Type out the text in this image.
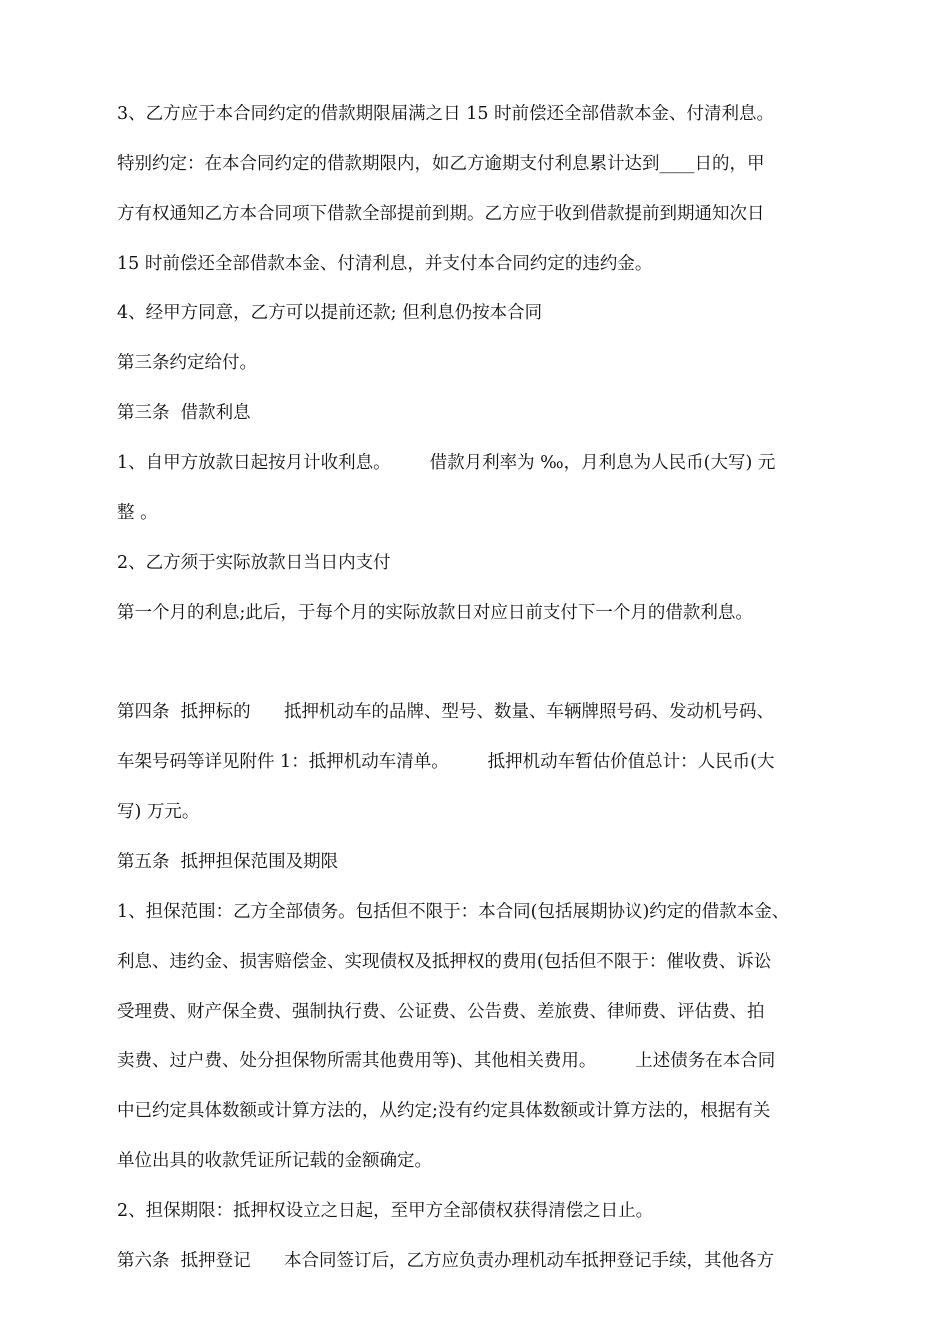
3、乙方应于本合同约定的借款期限届满之日 15 时前偿还全部借款本金、付清利息。
特别约定：在本合同约定的借款期限内，如乙方逾期支付利息累计达到____日的，甲
方有权通知乙方本合同项下借款全部提前到期。乙方应于收到借款提前到期通知次日
15 时前偿还全部借款本金、付清利息，并支付本合同约定的违约金。
4、经甲方同意，乙方可以提前还款; 但利息仍按本合同
第三条约定给付。
第三条  借款利息
1、自甲方放款日起按月计收利息。       借款月利率为 ‰，月利息为人民币(大写) 元
整 。
2、乙方须于实际放款日当日内支付
第一个月的利息;此后，于每个月的实际放款日对应日前支付下一个月的借款利息。
第四条  抵押标的      抵押机动车的品牌、型号、数量、车辆牌照号码、发动机号码、
车架号码等详见附件 1：抵押机动车清单。       抵押机动车暂估价值总计：人民币(大
写) 万元。
第五条  抵押担保范围及期限
1、担保范围：乙方全部债务。包括但不限于：本合同(包括展期协议)约定的借款本金、
利息、违约金、损害赔偿金、实现债权及抵押权的费用(包括但不限于：催收费、诉讼
受理费、财产保全费、强制执行费、公证费、公告费、差旅费、律师费、评估费、拍
卖费、过户费、处分担保物所需其他费用等)、其他相关费用。       上述债务在本合同
中已约定具体数额或计算方法的，从约定;没有约定具体数额或计算方法的，根据有关
单位出具的收款凭证所记载的金额确定。
2、担保期限：抵押权设立之日起，至甲方全部债权获得清偿之日止。
第六条  抵押登记      本合同签订后，乙方应负责办理机动车抵押登记手续，其他各方
